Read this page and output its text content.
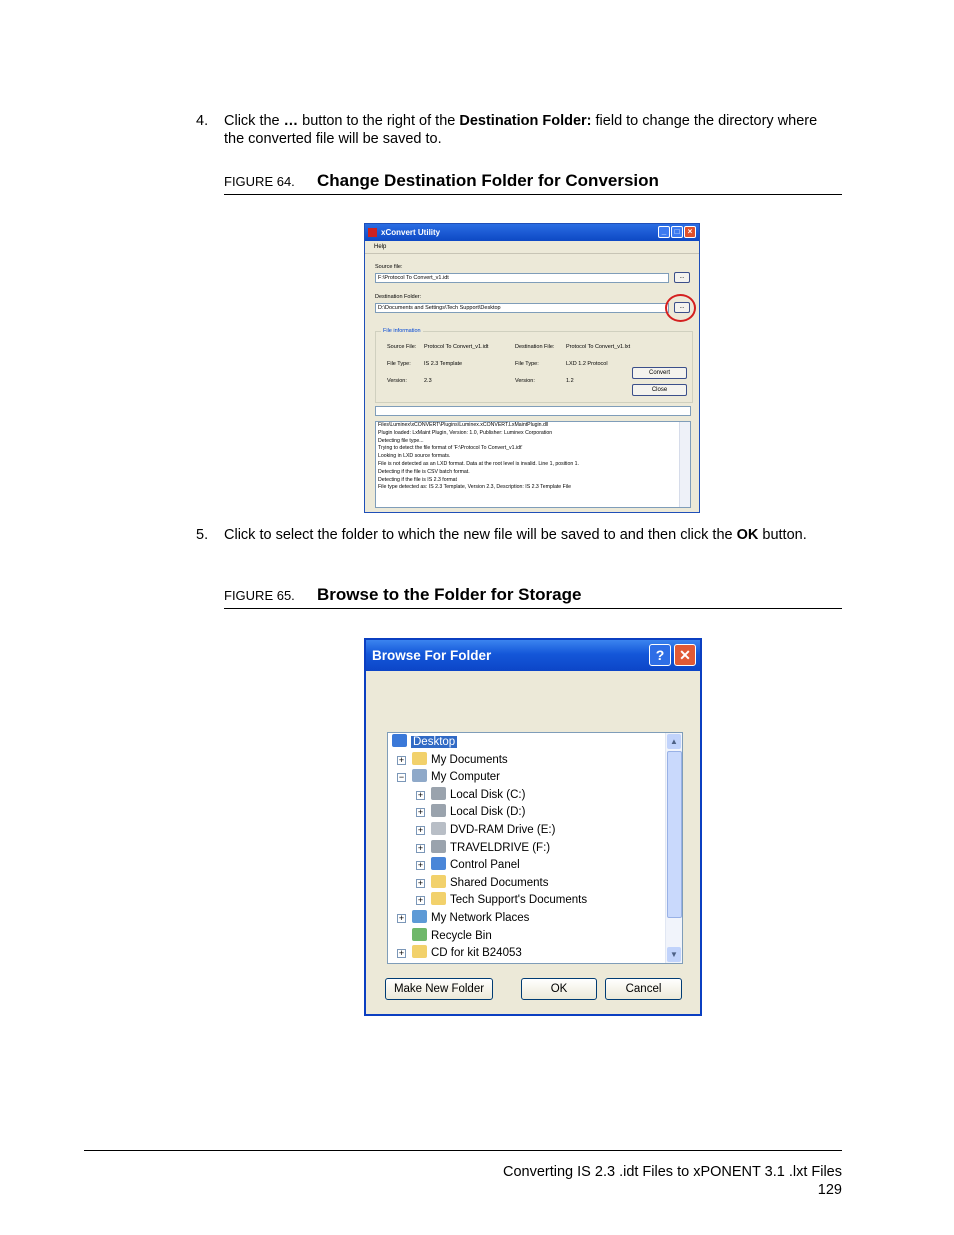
4. Click the … button to the right of the Destination Folder: field to change the directory where the converted file will be saved to.
FIGURE 64. Change Destination Folder for Conversion
xConvert Utility	_	□	×
Help
Source file:
F:\Protocol To Convert_v1.idt	...
Destination Folder:
D:\Documents and Settings\Tech Support\Desktop	...
File information
Source File: Protocol To Convert_v1.idt	Destination File: Protocol To Convert_v1.lxt
File Type: IS 2.3 Template	File Type:	LXD 1.2 Protocol
Version:	2.3	Version:	1.2
Convert
Close
Files\Luminex\xCONVERT\Plugins\Luminex.xCONVERT.LxMaintPlugin.dll
Plugin loaded: LxMaint Plugin, Version: 1.0, Publisher: Luminex Corporation
Detecting file type...
Trying to detect the file format of 'F:\Protocol To Convert_v1.idt'
Looking in LXD source formats.
File is not detected as an LXD format. Data at the root level is invalid. Line 1, position 1.
Detecting if the file is CSV batch format.
Detecting if the file is IS 2.3 format
File type detected as: IS 2.3 Template, Version 2.3, Description: IS 2.3 Template File
5. Click to select the folder to which the new file will be saved to and then click the OK button.
FIGURE 65. Browse to the Folder for Storage
Browse For Folder	?	✕
Desktop
+	My Documents
−	My Computer
+	Local Disk (C:)
+	Local Disk (D:)
+	DVD-RAM Drive (E:)
+	TRAVELDRIVE (F:)
+	Control Panel
+	Shared Documents
+	Tech Support's Documents
+	My Network Places
Recycle Bin
+	CD for kit B24053
▲
▼
Make New Folder	OK	Cancel
Converting IS 2.3 .idt Files to xPONENT 3.1 .lxt Files
129
